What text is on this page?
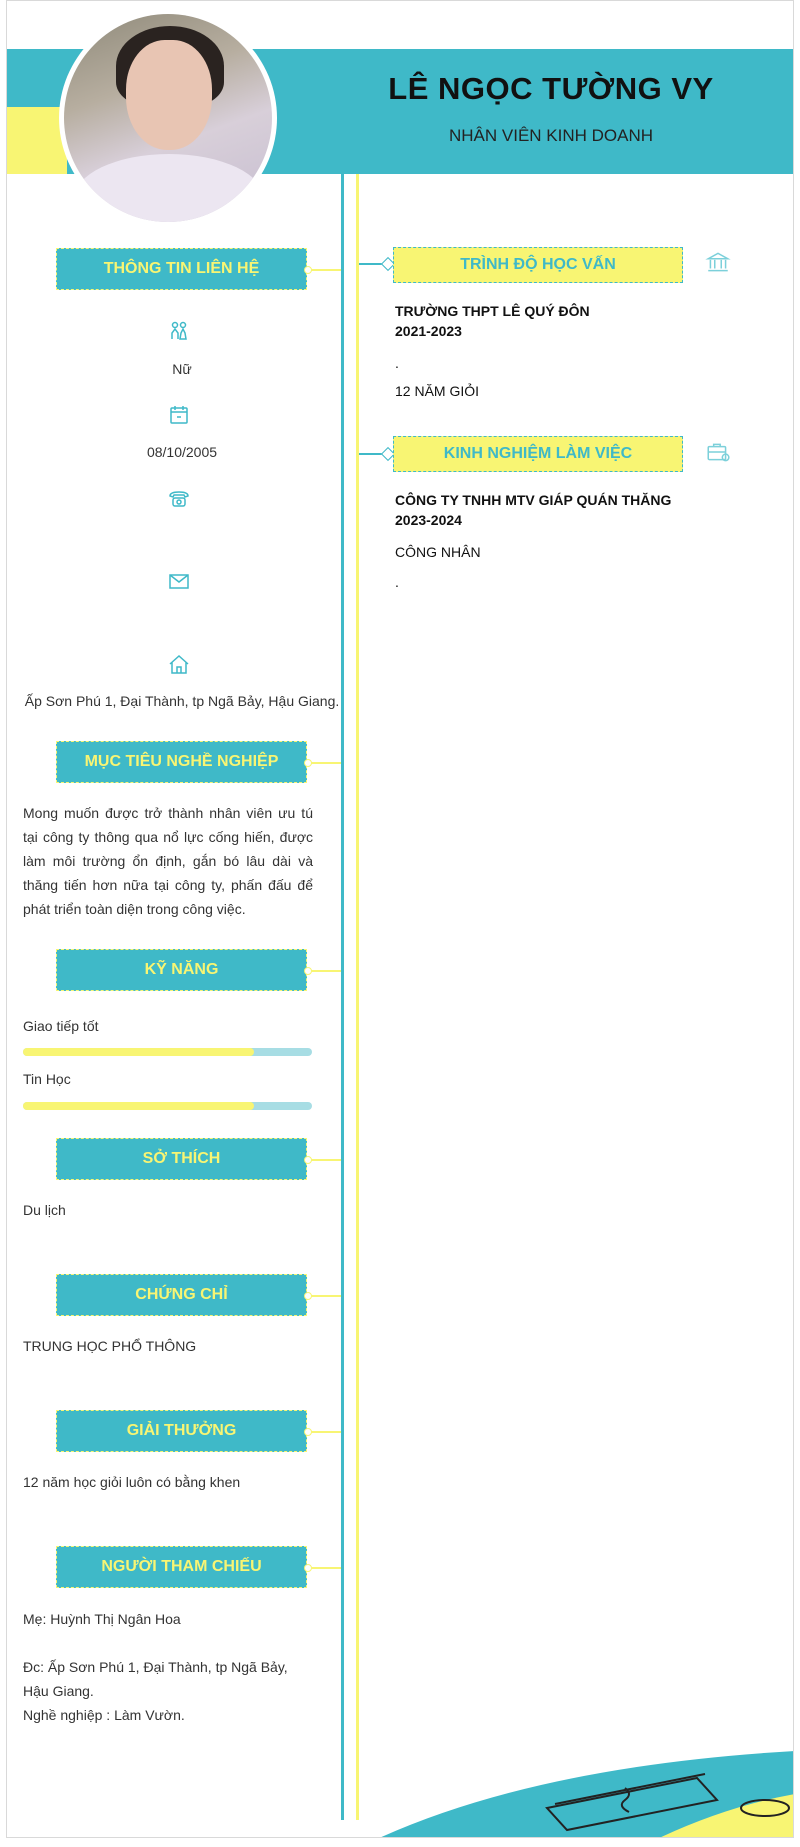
LÊ NGỌC TƯỜNG VY
NHÂN VIÊN KINH DOANH
THÔNG TIN LIÊN HỆ
Nữ
08/10/2005
Ấp Sơn Phú 1, Đại Thành, tp Ngã Bảy, Hậu Giang.
MỤC TIÊU NGHỀ NGHIỆP
Mong muốn được trở thành nhân viên ưu tú tại công ty thông qua nổ lực cống hiến, được làm môi trường ổn định, gắn bó lâu dài và thăng tiến hơn nữa tại công ty, phấn đấu để phát triển toàn diện trong công việc.
KỸ NĂNG
Giao tiếp tốt
Tin Học
SỞ THÍCH
Du lịch
CHỨNG CHỈ
TRUNG HỌC PHỔ THÔNG
GIẢI THƯỞNG
12 năm học giỏi luôn có bằng khen
NGƯỜI THAM CHIẾU
Mẹ: Huỳnh Thị Ngân Hoa
Đc: Ấp Sơn Phú 1, Đại Thành, tp Ngã Bảy, Hậu Giang.
Nghề nghiệp : Làm Vườn.
TRÌNH ĐỘ HỌC VẤN
TRƯỜNG THPT LÊ QUÝ ĐÔN
2021-2023
.
12 NĂM GIỎI
KINH NGHIỆM LÀM VIỆC
CÔNG TY TNHH MTV GIÁP QUÁN THĂNG
2023-2024
CÔNG NHÂN
.
